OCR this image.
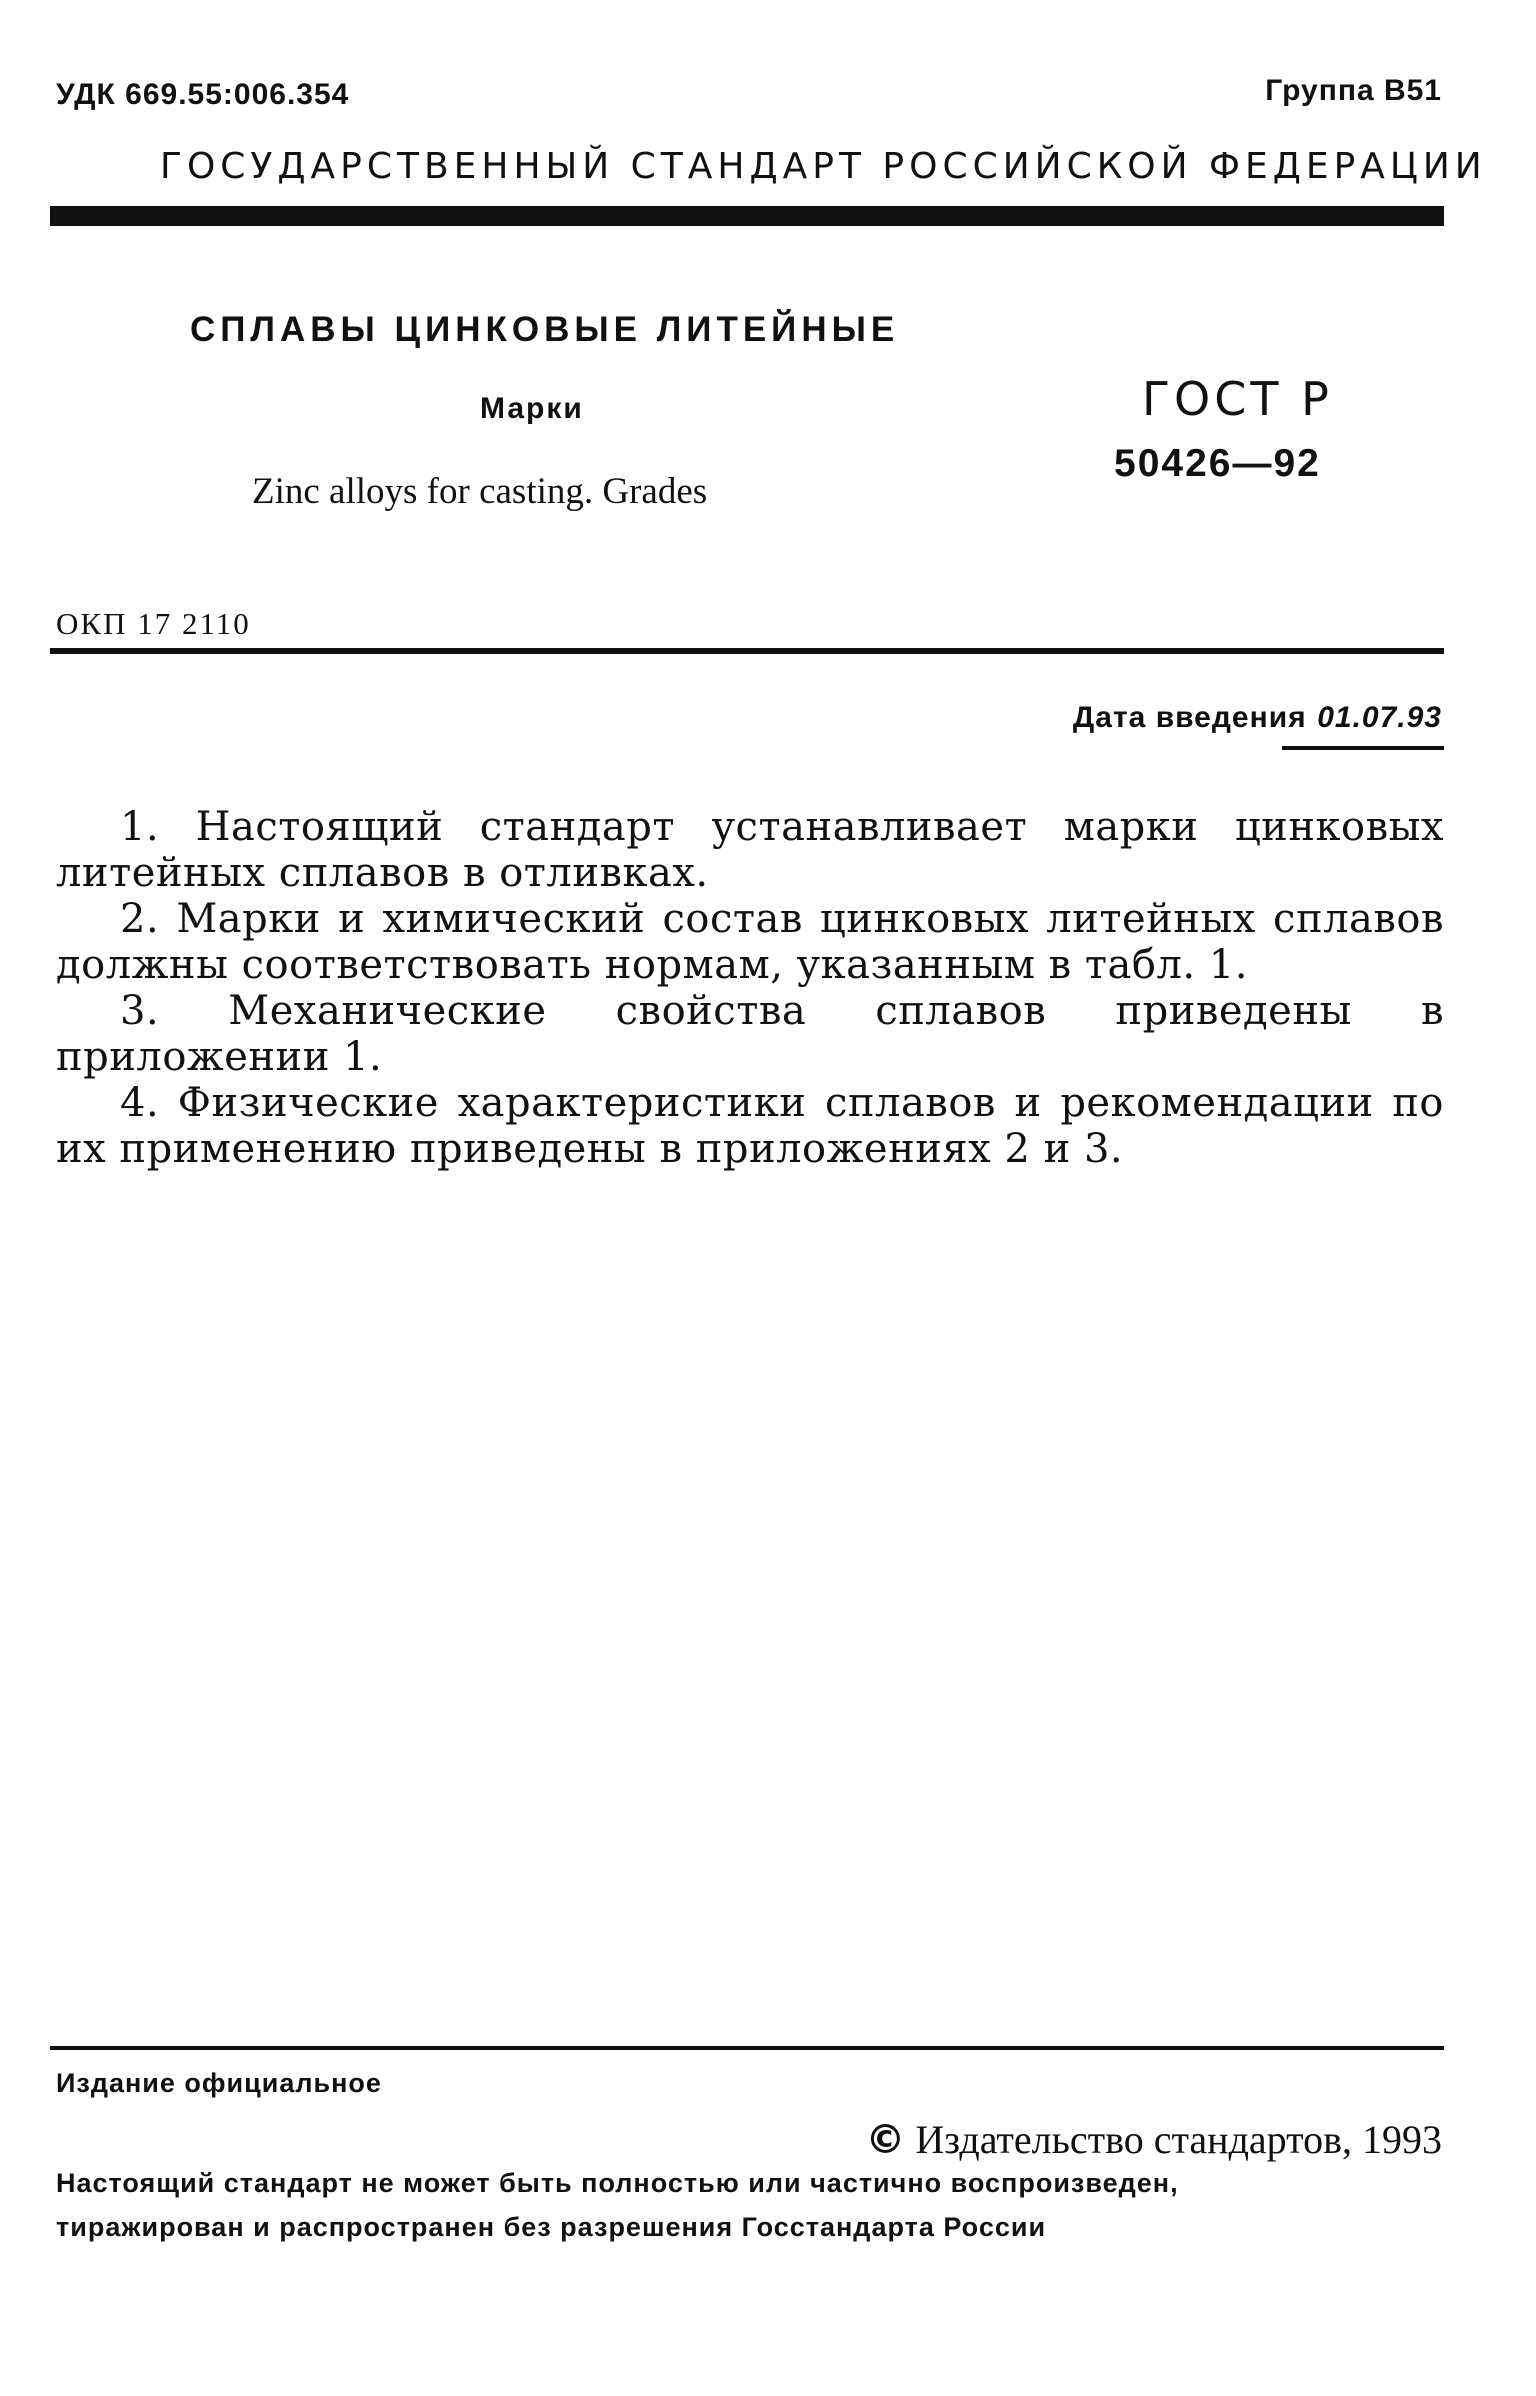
УДК 669.55:006.354	Группа В51
ГОСУДАРСТВЕННЫЙ СТАНДАРТ РОССИЙСКОЙ ФЕДЕРАЦИИ
СПЛАВЫ ЦИНКОВЫЕ ЛИТЕЙНЫЕ
Марки
Zinc alloys for casting. Grades
ГОСТ Р
50426—92
ОКП 17 2110
Дата введения 01.07.93

1. Настоящий стандарт устанавливает марки цинковых литейных сплавов в отливках.

2. Марки и химический состав цинковых литейных сплавов должны соответствовать нормам, указанным в табл. 1.

3. Механические свойства сплавов приведены в приложении 1.

4. Физические характеристики сплавов и рекомендации по их применению приведены в приложениях 2 и 3.

Издание официальное
© Издательство стандартов, 1993
Настоящий стандарт не может быть полностью или частично воспроизведен,
тиражирован и распространен без разрешения Госстандарта России
